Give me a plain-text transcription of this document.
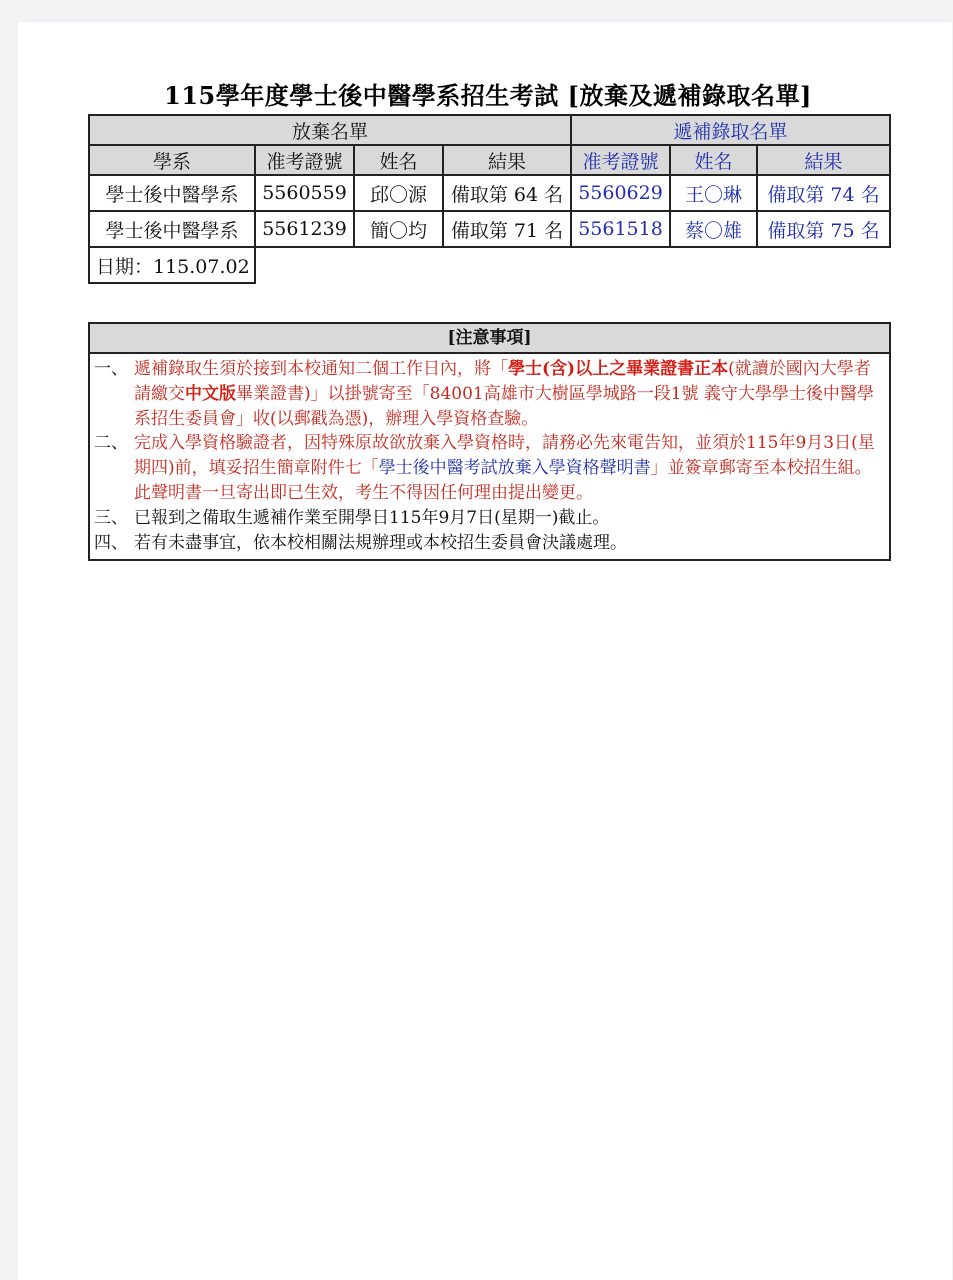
115學年度學士後中醫學系招生考試 [放棄及遞補錄取名單]
放棄名單				遞補錄取名單		
學系	准考證號	姓名	結果	准考證號	姓名	結果
學士後中醫學系	5560559	邱〇源	備取第 64 名	5560629	王〇琳	備取第 74 名
學士後中醫學系	5561239	簡〇均	備取第 71 名	5561518	蔡〇雄	備取第 75 名
日期：115.07.02						
[注意事項]
一、 遞補錄取生須於接到本校通知二個工作日內，將「學士(含)以上之畢業證書正本(就讀於國內大學者請繳交中文版畢業證書)」以掛號寄至「84001高雄市大樹區學城路一段1號 義守大學學士後中醫學系招生委員會」收(以郵戳為憑)，辦理入學資格查驗。
二、 完成入學資格驗證者，因特殊原故欲放棄入學資格時，請務必先來電告知，並須於115年9月3日(星期四)前，填妥招生簡章附件七「學士後中醫考試放棄入學資格聲明書」並簽章郵寄至本校招生組。此聲明書一旦寄出即已生效，考生不得因任何理由提出變更。
三、 已報到之備取生遞補作業至開學日115年9月7日(星期一)截止。
四、 若有未盡事宜，依本校相關法規辦理或本校招生委員會決議處理。
